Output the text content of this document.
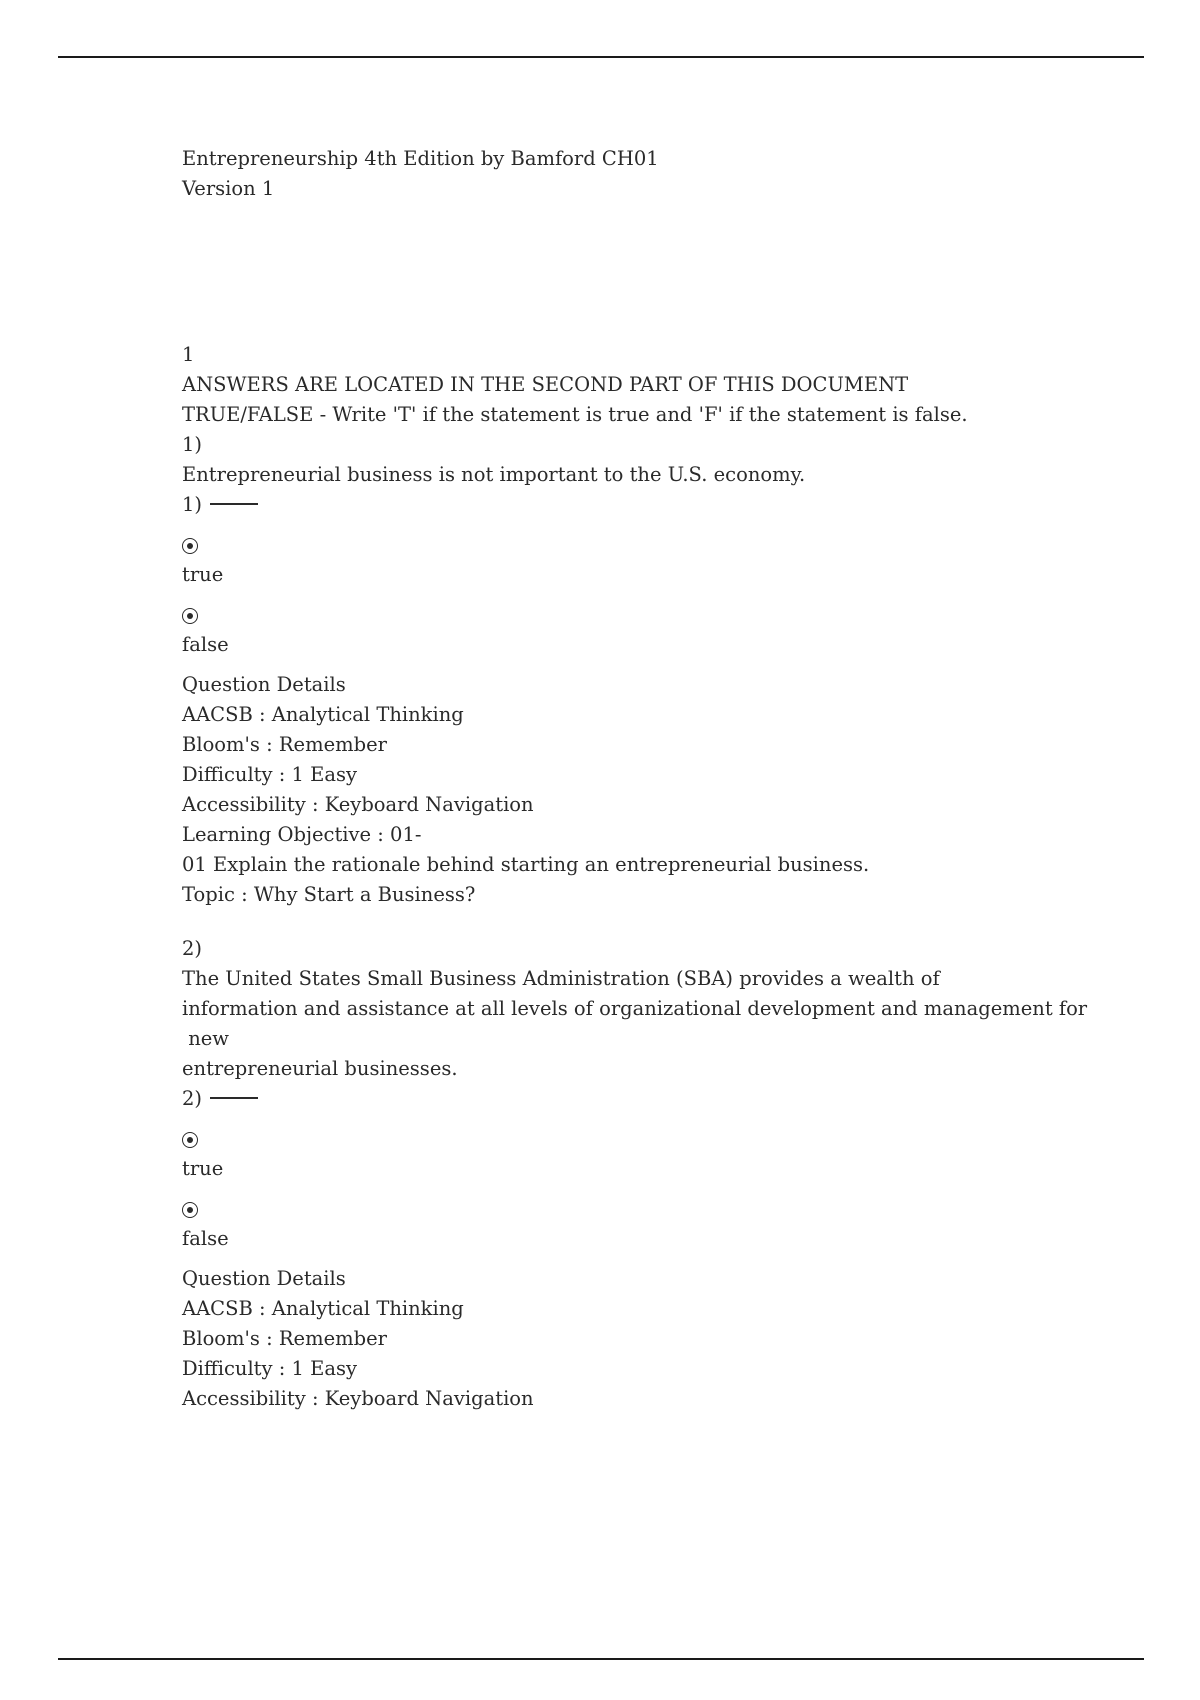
Entrepreneurship 4th Edition by Bamford CH01
Version 1
1
ANSWERS ARE LOCATED IN THE SECOND PART OF THIS DOCUMENT
TRUE/FALSE - Write 'T' if the statement is true and 'F' if the statement is false.
1)
Entrepreneurial business is not important to the U.S. economy.
1)
true
false
Question Details
AACSB : Analytical Thinking
Bloom's : Remember
Difficulty : 1 Easy
Accessibility : Keyboard Navigation
Learning Objective : 01-
01 Explain the rationale behind starting an entrepreneurial business.
Topic : Why Start a Business?
2)
The United States Small Business Administration (SBA) provides a wealth of
information and assistance at all levels of organizational development and management for
new
entrepreneurial businesses.
2)
true
false
Question Details
AACSB : Analytical Thinking
Bloom's : Remember
Difficulty : 1 Easy
Accessibility : Keyboard Navigation
